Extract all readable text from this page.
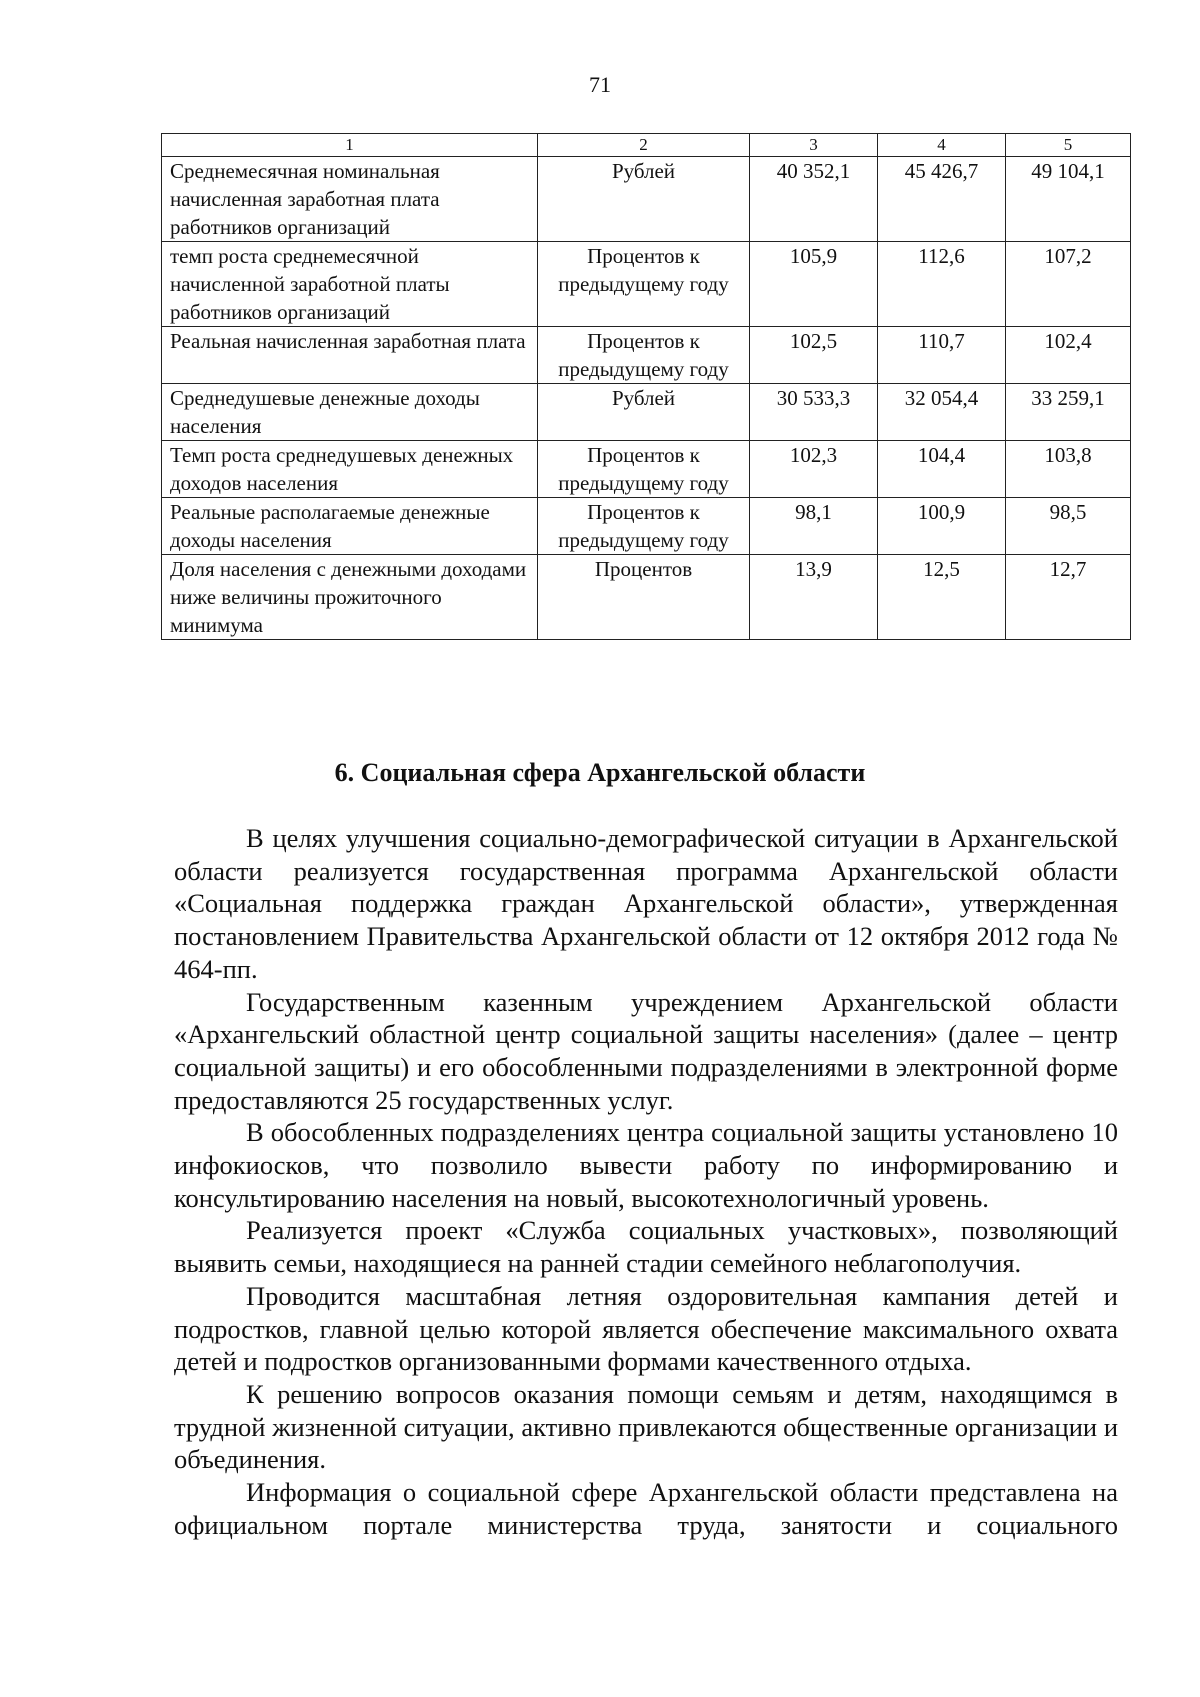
71
1	2	3	4	5
Среднемесячная номинальная начисленная заработная плата работников организаций	Рублей	40 352,1	45 426,7	49 104,1
темп роста среднемесячной начисленной заработной платы работников организаций	Процентов к предыдущему году	105,9	112,6	107,2
Реальная начисленная заработная плата	Процентов к предыдущему году	102,5	110,7	102,4
Среднедушевые денежные доходы населения	Рублей	30 533,3	32 054,4	33 259,1
Темп роста среднедушевых денежных доходов населения	Процентов к предыдущему году	102,3	104,4	103,8
Реальные располагаемые денежные доходы населения	Процентов к предыдущему году	98,1	100,9	98,5
Доля населения с денежными доходами ниже величины прожиточного минимума	Процентов	13,9	12,5	12,7
6. Социальная сфера Архангельской области

В целях улучшения социально-демографической ситуации в Архангельской области реализуется государственная программа Архангельской области «Социальная поддержка граждан Архангельской области», утвержденная постановлением Правительства Архангельской области от 12 октября 2012 года № 464-пп.

Государственным казенным учреждением Архангельской области «Архангельский областной центр социальной защиты населения» (далее – центр социальной защиты) и его обособленными подразделениями в электронной форме предоставляются 25 государственных услуг.

В обособленных подразделениях центра социальной защиты установлено 10 инфокиосков, что позволило вывести работу по информированию и консультированию населения на новый, высокотехнологичный уровень.

Реализуется проект «Служба социальных участковых», позволяющий выявить семьи, находящиеся на ранней стадии семейного неблагополучия.

Проводится масштабная летняя оздоровительная кампания детей и подростков, главной целью которой является обеспечение максимального охвата детей и подростков организованными формами качественного отдыха.

К решению вопросов оказания помощи семьям и детям, находящимся в трудной жизненной ситуации, активно привлекаются общественные организации и объединения.

Информация о социальной сфере Архангельской области представлена на официальном портале министерства труда, занятости и социального
